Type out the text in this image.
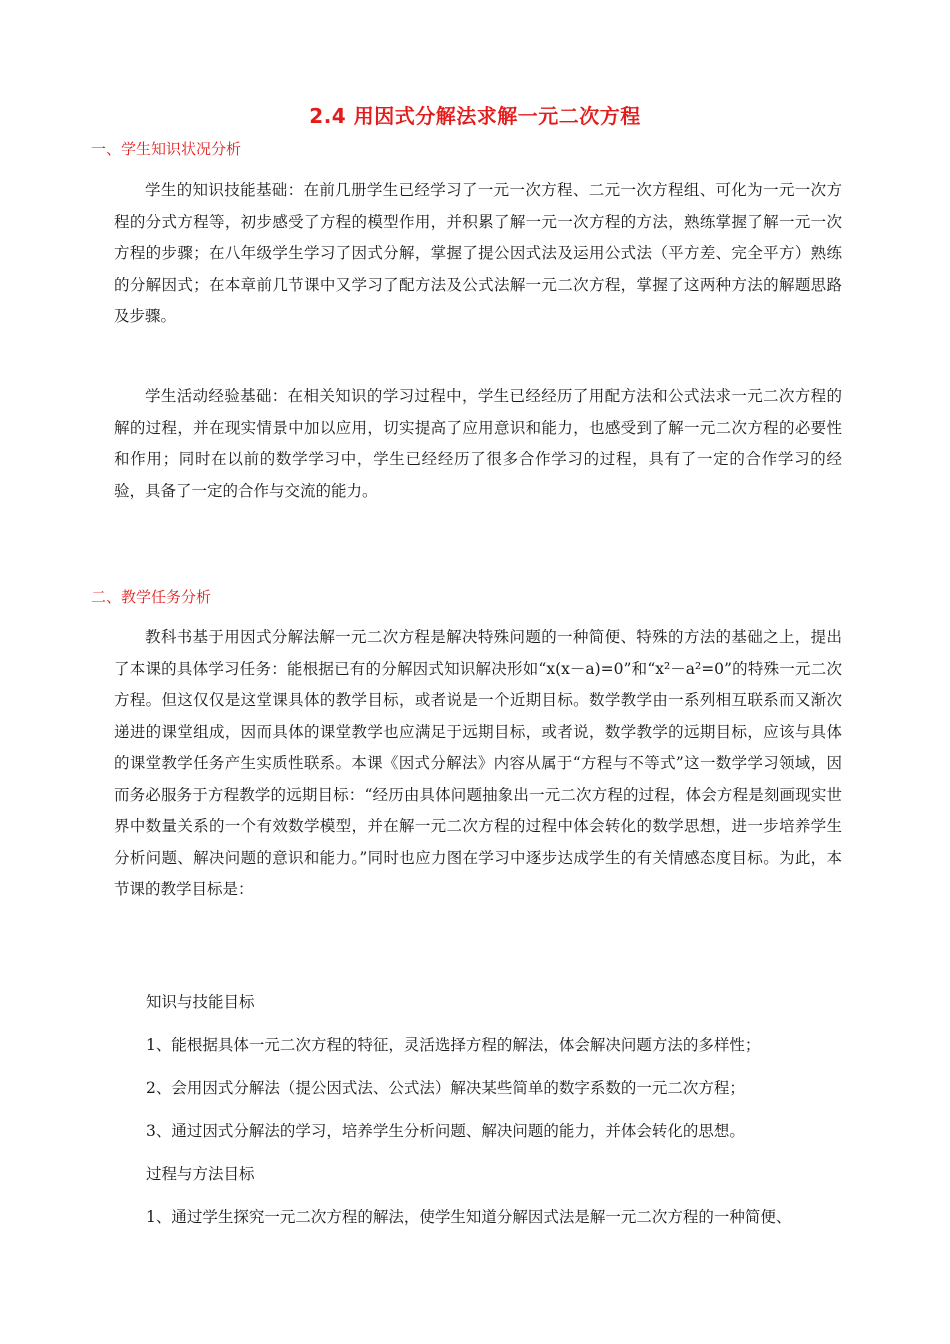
2.4 用因式分解法求解一元二次方程
一、学生知识状况分析

学生的知识技能基础：在前几册学生已经学习了一元一次方程、二元一次方程组、可化为一元一次方程的分式方程等，初步感受了方程的模型作用，并积累了解一元一次方程的方法，熟练掌握了解一元一次方程的步骤；在八年级学生学习了因式分解，掌握了提公因式法及运用公式法（平方差、完全平方）熟练的分解因式；在本章前几节课中又学习了配方法及公式法解一元二次方程，掌握了这两种方法的解题思路及步骤。

学生活动经验基础：在相关知识的学习过程中，学生已经经历了用配方法和公式法求一元二次方程的解的过程，并在现实情景中加以应用，切实提高了应用意识和能力，也感受到了解一元二次方程的必要性和作用；同时在以前的数学学习中，学生已经经历了很多合作学习的过程，具有了一定的合作学习的经验，具备了一定的合作与交流的能力。

二、教学任务分析

教科书基于用因式分解法解一元二次方程是解决特殊问题的一种简便、特殊的方法的基础之上，提出了本课的具体学习任务：能根据已有的分解因式知识解决形如“x(x－a)=0”和“x²－a²=0”的特殊一元二次方程。但这仅仅是这堂课具体的教学目标，或者说是一个近期目标。数学教学由一系列相互联系而又渐次递进的课堂组成，因而具体的课堂教学也应满足于远期目标，或者说，数学教学的远期目标，应该与具体的课堂教学任务产生实质性联系。本课《因式分解法》内容从属于“方程与不等式”这一数学学习领域，因而务必服务于方程教学的远期目标：“经历由具体问题抽象出一元二次方程的过程，体会方程是刻画现实世界中数量关系的一个有效数学模型，并在解一元二次方程的过程中体会转化的数学思想，进一步培养学生分析问题、解决问题的意识和能力。”同时也应力图在学习中逐步达成学生的有关情感态度目标。为此，本节课的教学目标是：

知识与技能目标
1、能根据具体一元二次方程的特征，灵活选择方程的解法，体会解决问题方法的多样性；
2、会用因式分解法（提公因式法、公式法）解决某些简单的数字系数的一元二次方程；
3、通过因式分解法的学习，培养学生分析问题、解决问题的能力，并体会转化的思想。
过程与方法目标
1、通过学生探究一元二次方程的解法，使学生知道分解因式法是解一元二次方程的一种简便、
